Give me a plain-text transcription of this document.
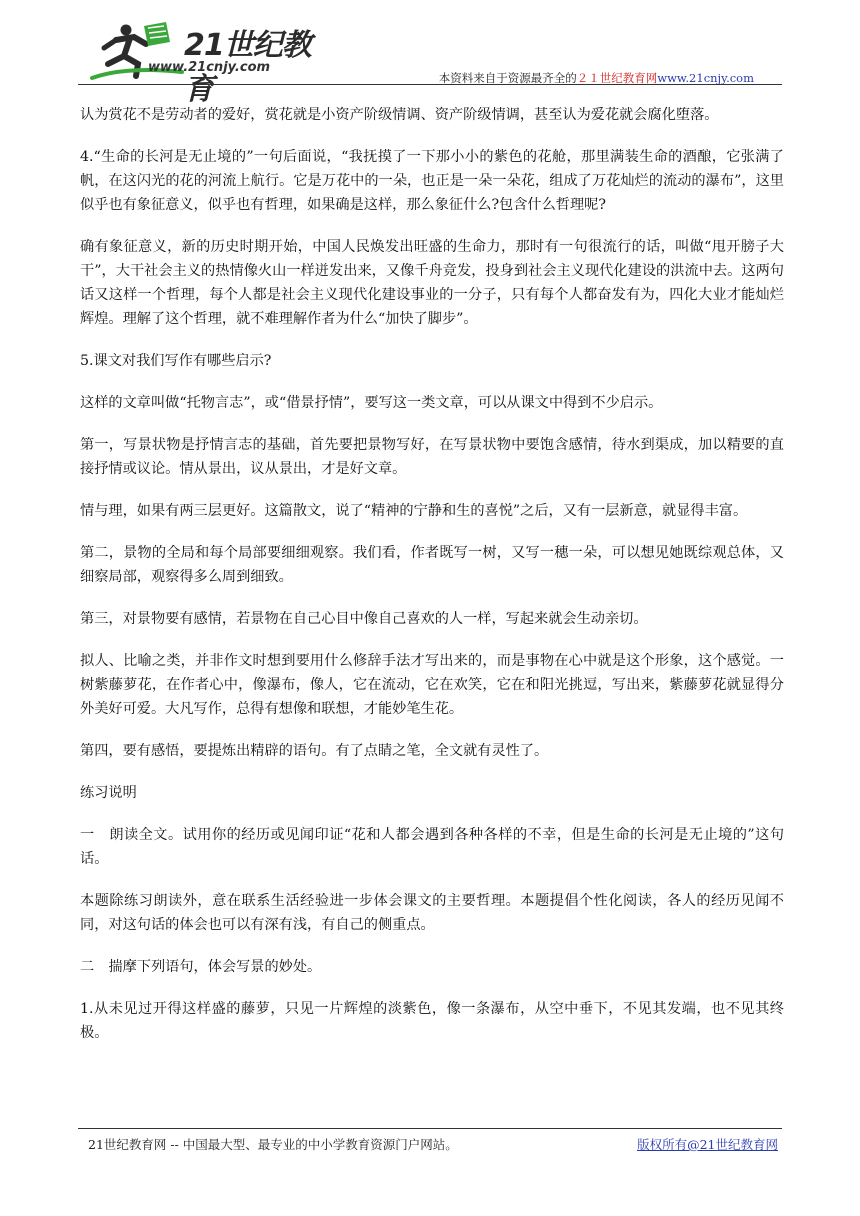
21世纪教育
www.21cnjy.com
本资料来自于资源最齐全的２１世纪教育网www.21cnjy.com

认为赏花不是劳动者的爱好，赏花就是小资产阶级情调、资产阶级情调，甚至认为爱花就会腐化堕落。

4.“生命的长河是无止境的”一句后面说，“我抚摸了一下那小小的紫色的花舱，那里满装生命的酒酿，它张满了帆，在这闪光的花的河流上航行。它是万花中的一朵，也正是一朵一朵花，组成了万花灿烂的流动的瀑布”，这里似乎也有象征意义，似乎也有哲理，如果确是这样，那么象征什么?包含什么哲理呢?

确有象征意义，新的历史时期开始，中国人民焕发出旺盛的生命力，那时有一句很流行的话，叫做“甩开膀子大干”，大干社会主义的热情像火山一样迸发出来，又像千舟竞发，投身到社会主义现代化建设的洪流中去。这两句话又这样一个哲理，每个人都是社会主义现代化建设事业的一分子，只有每个人都奋发有为，四化大业才能灿烂辉煌。理解了这个哲理，就不难理解作者为什么“加快了脚步”。

5.课文对我们写作有哪些启示?

这样的文章叫做“托物言志”，或“借景抒情”，要写这一类文章，可以从课文中得到不少启示。

第一，写景状物是抒情言志的基础，首先要把景物写好，在写景状物中要饱含感情，待水到渠成，加以精要的直接抒情或议论。情从景出，议从景出，才是好文章。

情与理，如果有两三层更好。这篇散文，说了“精神的宁静和生的喜悦”之后，又有一层新意，就显得丰富。

第二，景物的全局和每个局部要细细观察。我们看，作者既写一树，又写一穗一朵，可以想见她既综观总体，又细察局部，观察得多么周到细致。

第三，对景物要有感情，若景物在自己心目中像自己喜欢的人一样，写起来就会生动亲切。

拟人、比喻之类，并非作文时想到要用什么修辞手法才写出来的，而是事物在心中就是这个形象，这个感觉。一树紫藤萝花，在作者心中，像瀑布，像人，它在流动，它在欢笑，它在和阳光挑逗，写出来，紫藤萝花就显得分外美好可爱。大凡写作，总得有想像和联想，才能妙笔生花。

第四，要有感悟，要提炼出精辟的语句。有了点睛之笔，全文就有灵性了。

练习说明

一　朗读全文。试用你的经历或见闻印证“花和人都会遇到各种各样的不幸，但是生命的长河是无止境的”这句话。

本题除练习朗读外，意在联系生活经验进一步体会课文的主要哲理。本题提倡个性化阅读，各人的经历见闻不同，对这句话的体会也可以有深有浅，有自己的侧重点。

二　揣摩下列语句，体会写景的妙处。

1.从未见过开得这样盛的藤萝，只见一片辉煌的淡紫色，像一条瀑布，从空中垂下，不见其发端，也不见其终极。

21世纪教育网 -- 中国最大型、最专业的中小学教育资源门户网站。	版权所有@21世纪教育网
